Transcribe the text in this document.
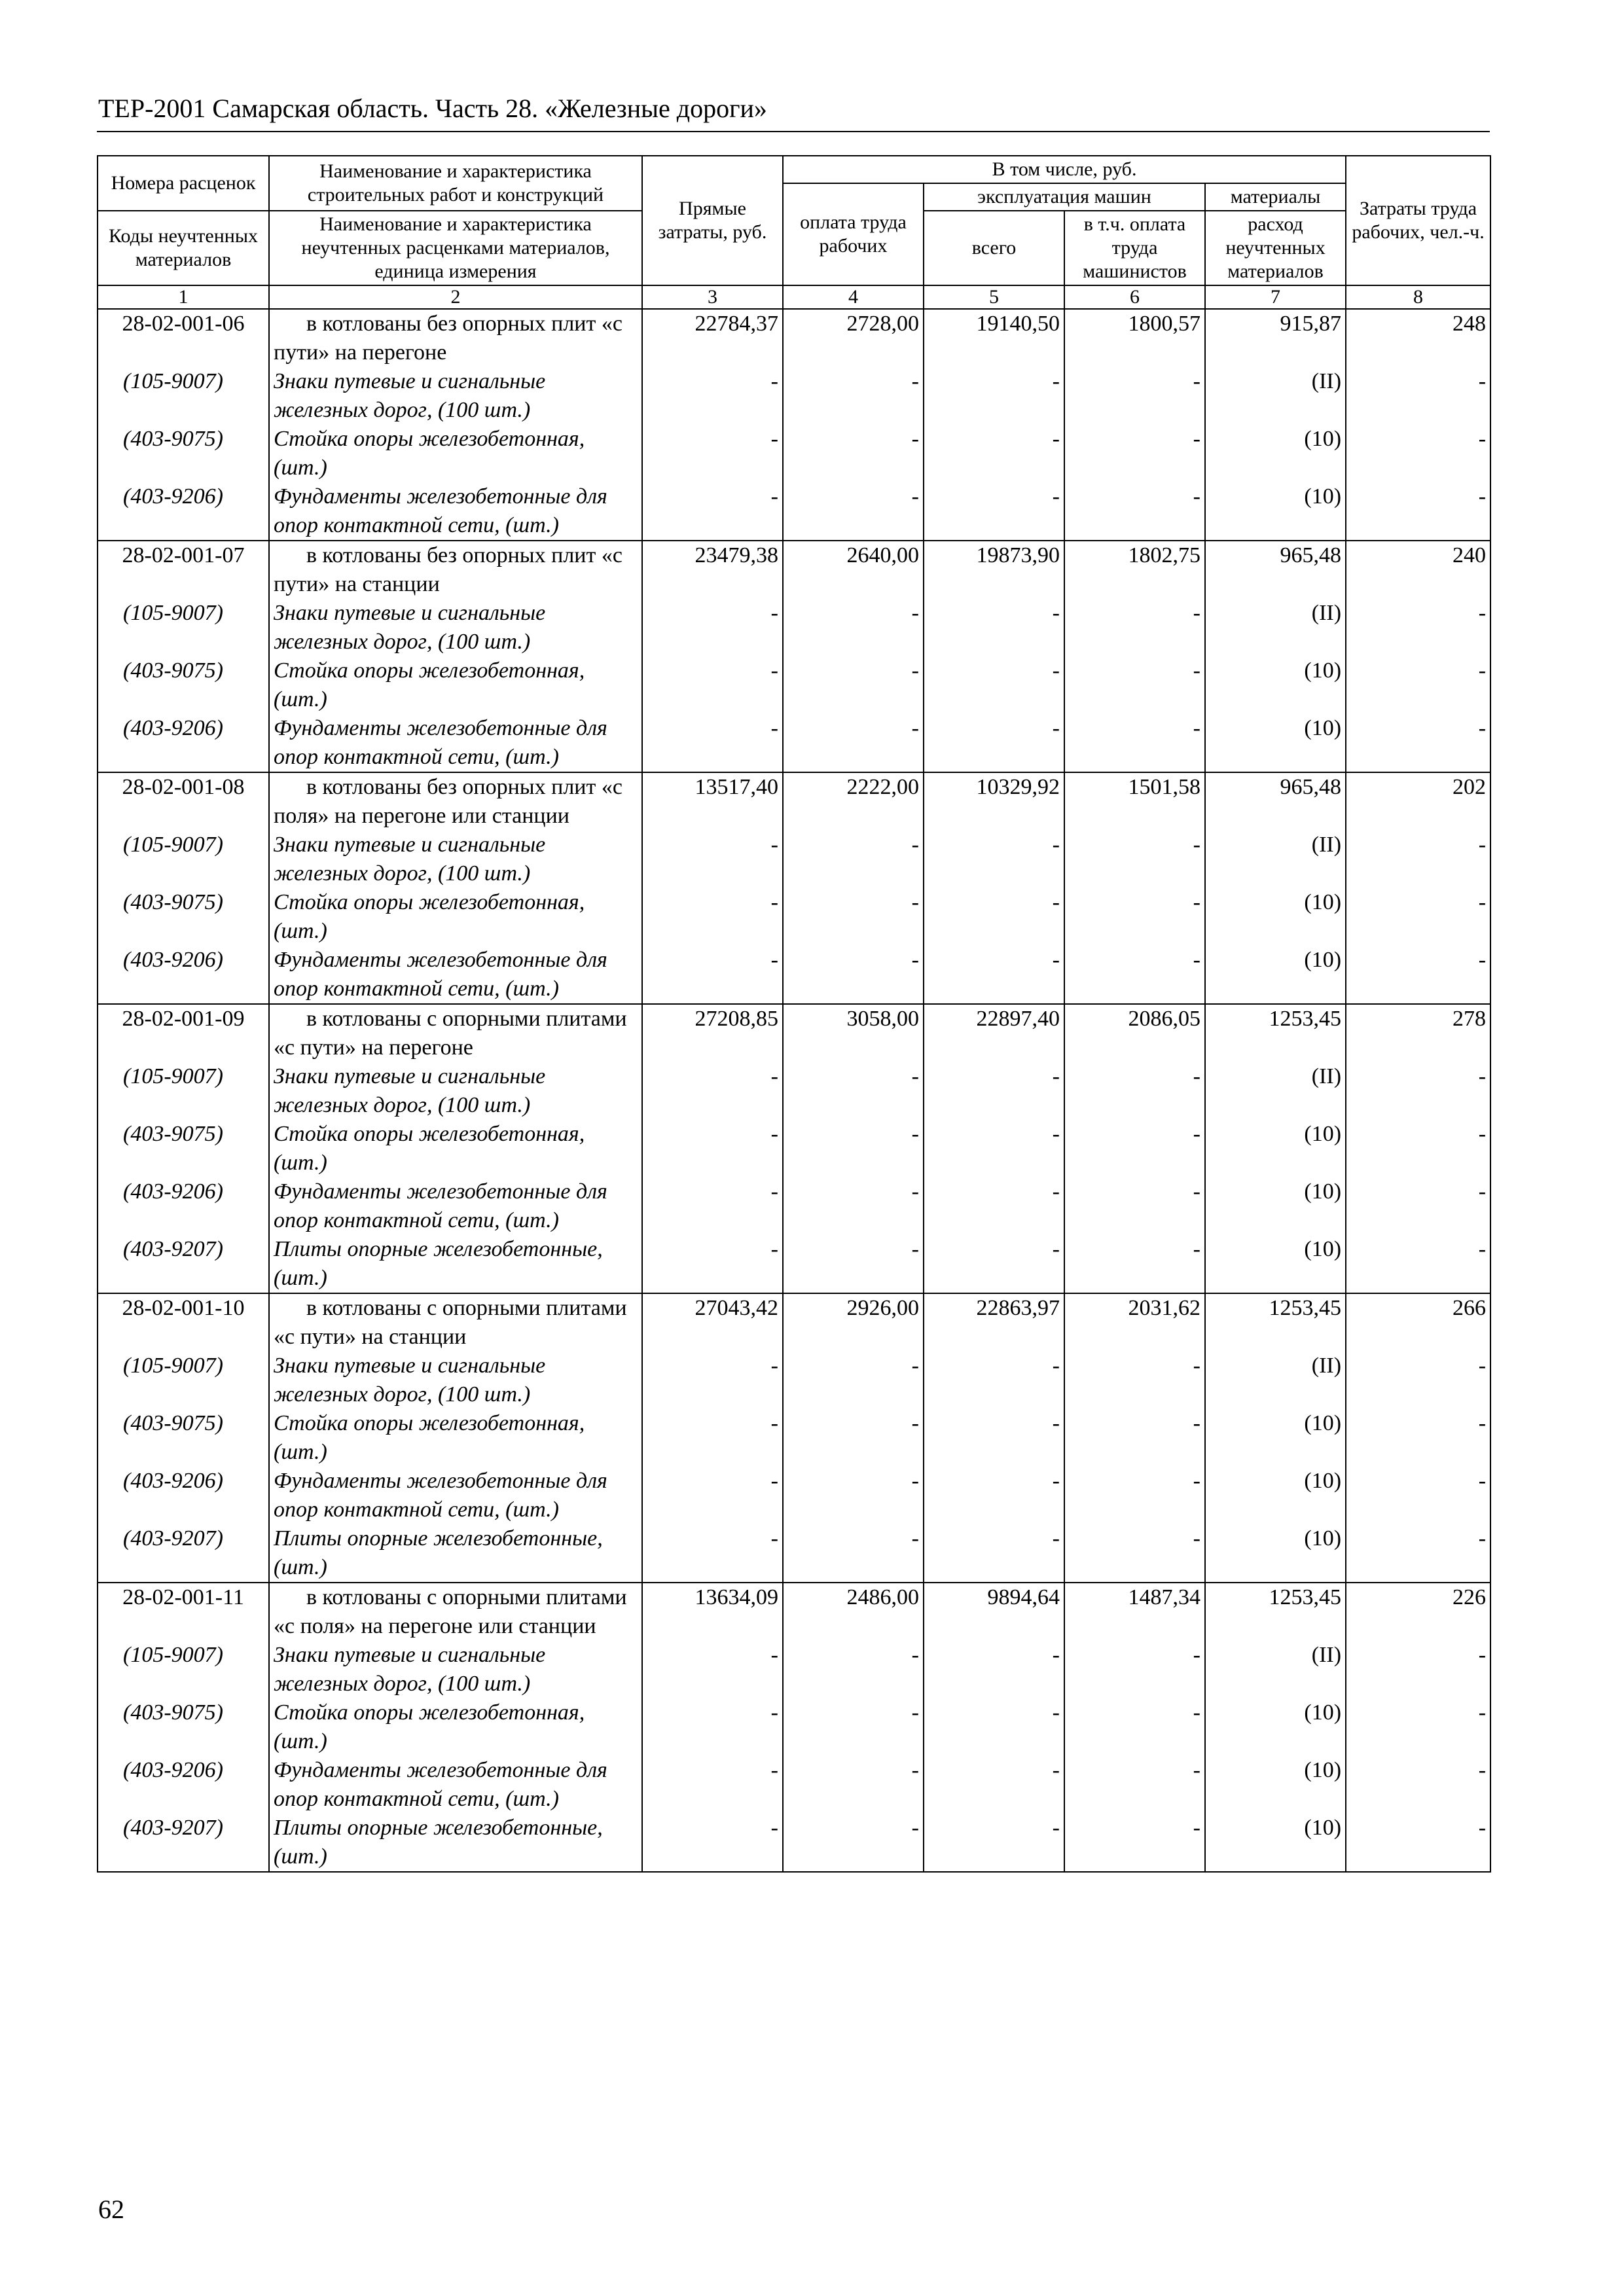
ТЕР-2001 Самарская область. Часть 28. «Железные дороги»
Номера расценок	Наименование и характеристика строительных работ и конструкций	Прямые затраты, руб.	В том числе, руб.				Затраты труда рабочих, чел.-ч.
			оплата труда рабочих	эксплуатация машин		материалы	
Коды неучтенных материалов	Наименование и характеристика неучтенных расценками материалов, единица измерения			всего	в т.ч. оплата труда машинистов	расход неучтенных материалов	

1	2	3	4	5	6	7	8
28-02-001-06	в котлованы без опорных плит «с пути» на перегоне	22784,37	2728,00	19140,50	1800,57	915,87	248
(105-9007)	Знаки путевые и сигнальные железных дорог, (100 шт.)	-	-	-	-	(II)	-
(403-9075)	Стойка опоры железобетонная, (шт.)	-	-	-	-	(10)	-
(403-9206)	Фундаменты железобетонные для опор контактной сети, (шт.)	-	-	-	-	(10)	-
28-02-001-07	в котлованы без опорных плит «с пути» на станции	23479,38	2640,00	19873,90	1802,75	965,48	240
(105-9007)	Знаки путевые и сигнальные железных дорог, (100 шт.)	-	-	-	-	(II)	-
(403-9075)	Стойка опоры железобетонная, (шт.)	-	-	-	-	(10)	-
(403-9206)	Фундаменты железобетонные для опор контактной сети, (шт.)	-	-	-	-	(10)	-
28-02-001-08	в котлованы без опорных плит «с поля» на перегоне или станции	13517,40	2222,00	10329,92	1501,58	965,48	202
(105-9007)	Знаки путевые и сигнальные железных дорог, (100 шт.)	-	-	-	-	(II)	-
(403-9075)	Стойка опоры железобетонная, (шт.)	-	-	-	-	(10)	-
(403-9206)	Фундаменты железобетонные для опор контактной сети, (шт.)	-	-	-	-	(10)	-
28-02-001-09	в котлованы с опорными плитами «с пути» на перегоне	27208,85	3058,00	22897,40	2086,05	1253,45	278
(105-9007)	Знаки путевые и сигнальные железных дорог, (100 шт.)	-	-	-	-	(II)	-
(403-9075)	Стойка опоры железобетонная, (шт.)	-	-	-	-	(10)	-
(403-9206)	Фундаменты железобетонные для опор контактной сети, (шт.)	-	-	-	-	(10)	-
(403-9207)	Плиты опорные железобетонные, (шт.)	-	-	-	-	(10)	-
28-02-001-10	в котлованы с опорными плитами «с пути» на станции	27043,42	2926,00	22863,97	2031,62	1253,45	266
(105-9007)	Знаки путевые и сигнальные железных дорог, (100 шт.)	-	-	-	-	(II)	-
(403-9075)	Стойка опоры железобетонная, (шт.)	-	-	-	-	(10)	-
(403-9206)	Фундаменты железобетонные для опор контактной сети, (шт.)	-	-	-	-	(10)	-
(403-9207)	Плиты опорные железобетонные, (шт.)	-	-	-	-	(10)	-
28-02-001-11	в котлованы с опорными плитами «с поля» на перегоне или станции	13634,09	2486,00	9894,64	1487,34	1253,45	226
(105-9007)	Знаки путевые и сигнальные железных дорог, (100 шт.)	-	-	-	-	(II)	-
(403-9075)	Стойка опоры железобетонная, (шт.)	-	-	-	-	(10)	-
(403-9206)	Фундаменты железобетонные для опор контактной сети, (шт.)	-	-	-	-	(10)	-
(403-9207)	Плиты опорные железобетонные, (шт.)	-	-	-	-	(10)	-
62
